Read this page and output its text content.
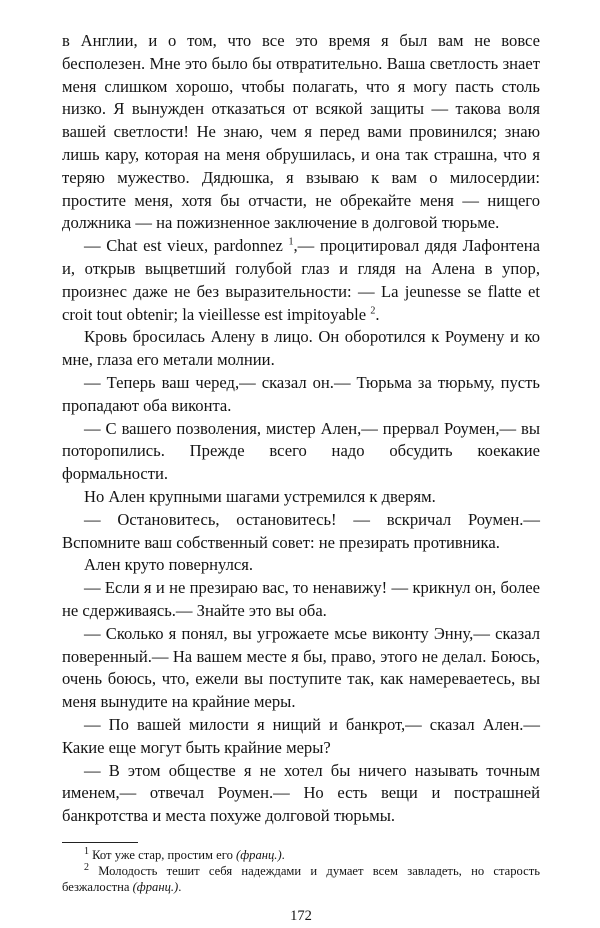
в Англии, и о том, что все это время я был вам не вовсе бесполезен. Мне это было бы отвратительно. Ваша светлость знает меня слишком хорошо, чтобы полагать, что я могу пасть столь низко. Я вынужден отказаться от всякой защиты — такова воля вашей светлости! Не знаю, чем я перед вами провинился; знаю лишь кару, которая на меня обрушилась, и она так страшна, что я теряю мужество. Дядюшка, я взываю к вам о милосердии: простите меня, хотя бы отчасти, не обрекайте меня — нищего должника — на пожизненное заключение в долговой тюрьме.

— Chat est vieux, pardonnez $^1$,— процитировал дядя Лафонтена и, открыв выцветший голубой глаз и глядя на Алена в упор, произнес даже не без выразительности: — La jeunesse se flatte et croit tout obtenir; la vieillesse est impitoyable $^2$.

Кровь бросилась Алену в лицо. Он оборотился к Роумену и ко мне, глаза его метали молнии.

— Теперь ваш черед,— сказал он.— Тюрьма за тюрьму, пусть пропадают оба виконта.

— С вашего позволения, мистер Ален,— прервал Роумен,— вы поторопились. Прежде всего надо обсудить коекакие формальности.

Но Ален крупными шагами устремился к дверям.

— Остановитесь, остановитесь! — вскричал Роумен.— Вспомните ваш собственный совет: не презирать противника.

Ален круто повернулся.

— Если я и не презираю вас, то ненавижу! — крикнул он, более не сдерживаясь.— Знайте это вы оба.

— Сколько я понял, вы угрожаете мсье виконту Энну,— сказал поверенный.— На вашем месте я бы, право, этого не делал. Боюсь, очень боюсь, что, ежели вы поступите так, как намереваетесь, вы меня вынудите на крайние меры.

— По вашей милости я нищий и банкрот,— сказал Ален.— Какие еще могут быть крайние меры?

— В этом обществе я не хотел бы ничего называть точным именем,— отвечал Роумен.— Но есть вещи и пострашней банкротства и места похуже долговой тюрьмы.

$^1$ Кот уже стар, простим его (франц.).

$^2$ Молодость тешит себя надеждами и думает всем завладеть, но старость безжалостна (франц.).

172
